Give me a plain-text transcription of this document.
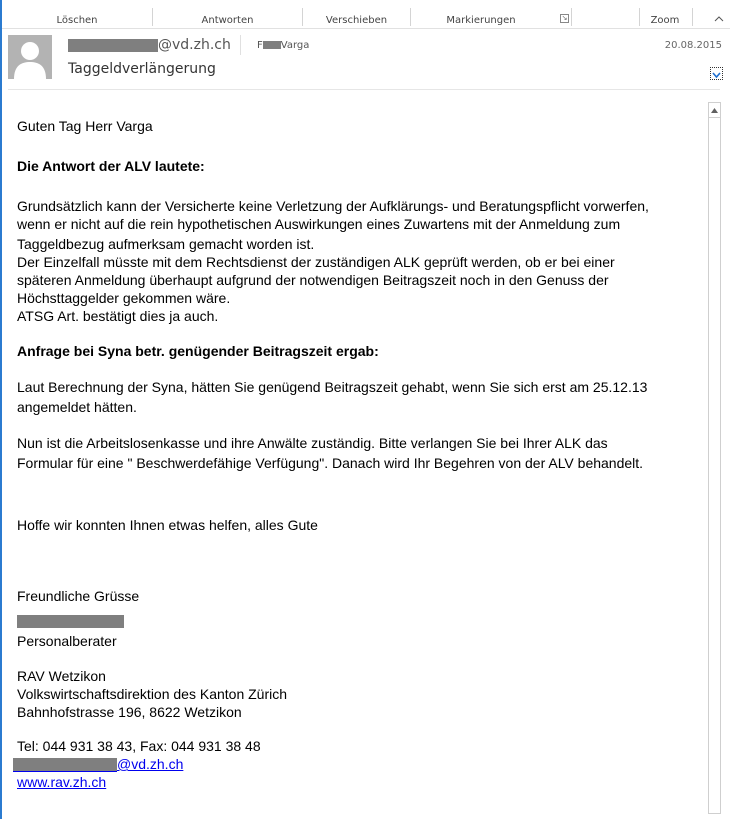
Löschen	Antworten	Verschieben	Markierungen	↘	Zoom
@vd.zh.ch	F Varga
Taggeldverlängerung
20.08.2015

Guten Tag Herr Varga

Die Antwort der ALV lautete:

Grundsätzlich kann der Versicherte keine Verletzung der Aufklärungs- und Beratungspflicht vorwerfen,

wenn er nicht auf die rein hypothetischen Auswirkungen eines Zuwartens mit der Anmeldung zum

Taggeldbezug aufmerksam gemacht worden ist.

Der Einzelfall müsste mit dem Rechtsdienst der zuständigen ALK geprüft werden, ob er bei einer

späteren Anmeldung überhaupt aufgrund der notwendigen Beitragszeit noch in den Genuss der

Höchsttaggelder gekommen wäre.

ATSG Art. bestätigt dies ja auch.

Anfrage bei Syna betr. genügender Beitragszeit ergab:

Laut Berechnung der Syna, hätten Sie genügend Beitragszeit gehabt, wenn Sie sich erst am 25.12.13

angemeldet hätten.

Nun ist die Arbeitslosenkasse und ihre Anwälte zuständig. Bitte verlangen Sie bei Ihrer ALK das

Formular für eine " Beschwerdefähige Verfügung". Danach wird Ihr Begehren von der ALV behandelt.

Hoffe wir konnten Ihnen etwas helfen, alles Gute

Freundliche Grüsse

Personalberater

RAV Wetzikon

Volkswirtschaftsdirektion des Kanton Zürich

Bahnhofstrasse 196, 8622 Wetzikon

Tel: 044 931 38 43, Fax: 044 931 38 48

@vd.zh.ch

www.rav.zh.ch
